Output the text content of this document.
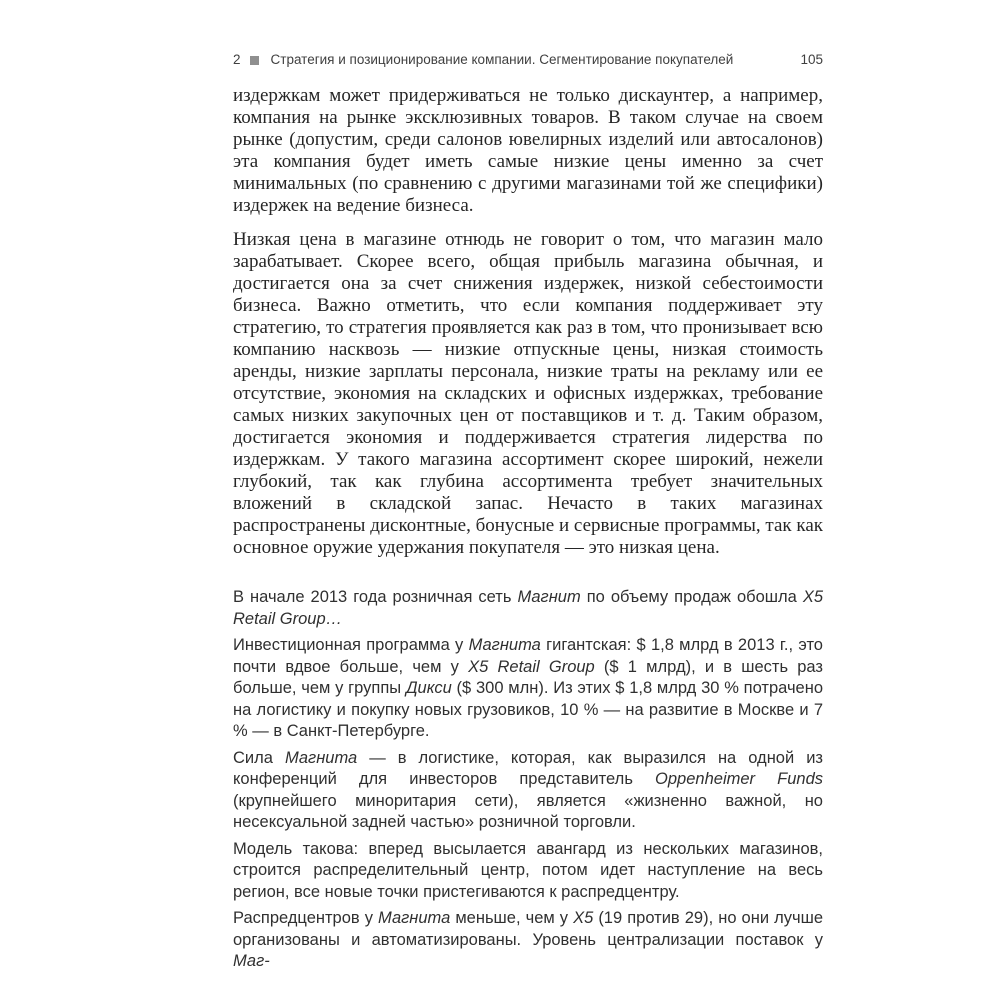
2 Стратегия и позиционирование компании. Сегментирование покупателей	105

издержкам может придерживаться не только дискаунтер, а например, компания на рынке эксклюзивных товаров. В таком случае на своем рынке (допустим, среди салонов ювелирных изделий или автосалонов) эта компания будет иметь самые низкие цены именно за счет минимальных (по сравнению с другими магазинами той же специфики) издержек на ведение бизнеса.

Низкая цена в магазине отнюдь не говорит о том, что магазин мало зарабатывает. Скорее всего, общая прибыль магазина обычная, и достигается она за счет снижения издержек, низкой себестоимости бизнеса. Важно отметить, что если компания поддерживает эту стратегию, то стратегия проявляется как раз в том, что пронизывает всю компанию насквозь — низкие отпускные цены, низкая стоимость аренды, низкие зарплаты персонала, низкие траты на рекламу или ее отсутствие, экономия на складских и офисных издержках, требование самых низких закупочных цен от поставщиков и т. д. Таким образом, достигается экономия и поддерживается стратегия лидерства по издержкам. У такого магазина ассортимент скорее широкий, нежели глубокий, так как глубина ассортимента требует значительных вложений в складской запас. Нечасто в таких магазинах распространены дисконтные, бонусные и сервисные программы, так как основное оружие удержания покупателя — это низкая цена.

В начале 2013 года розничная сеть Магнит по объему продаж обошла X5 Retail Group…

Инвестиционная программа у Магнита гигантская: $ 1,8 млрд в 2013 г., это почти вдвое больше, чем у X5 Retail Group ($ 1 млрд), и в шесть раз больше, чем у группы Дикси ($ 300 млн). Из этих $ 1,8 млрд 30 % потрачено на логистику и покупку новых грузовиков, 10 % — на развитие в Москве и 7 % — в Санкт-Петербурге.

Сила Магнита — в логистике, которая, как выразился на одной из конференций для инвесторов представитель Oppenheimer Funds (крупнейшего миноритария сети), является «жизненно важной, но несексуальной задней частью» розничной торговли.

Модель такова: вперед высылается авангард из нескольких магазинов, строится распределительный центр, потом идет наступление на весь регион, все новые точки пристегиваются к распредцентру.

Распредцентров у Магнита меньше, чем у X5 (19 против 29), но они лучше организованы и автоматизированы. Уровень централизации поставок у Маг-
